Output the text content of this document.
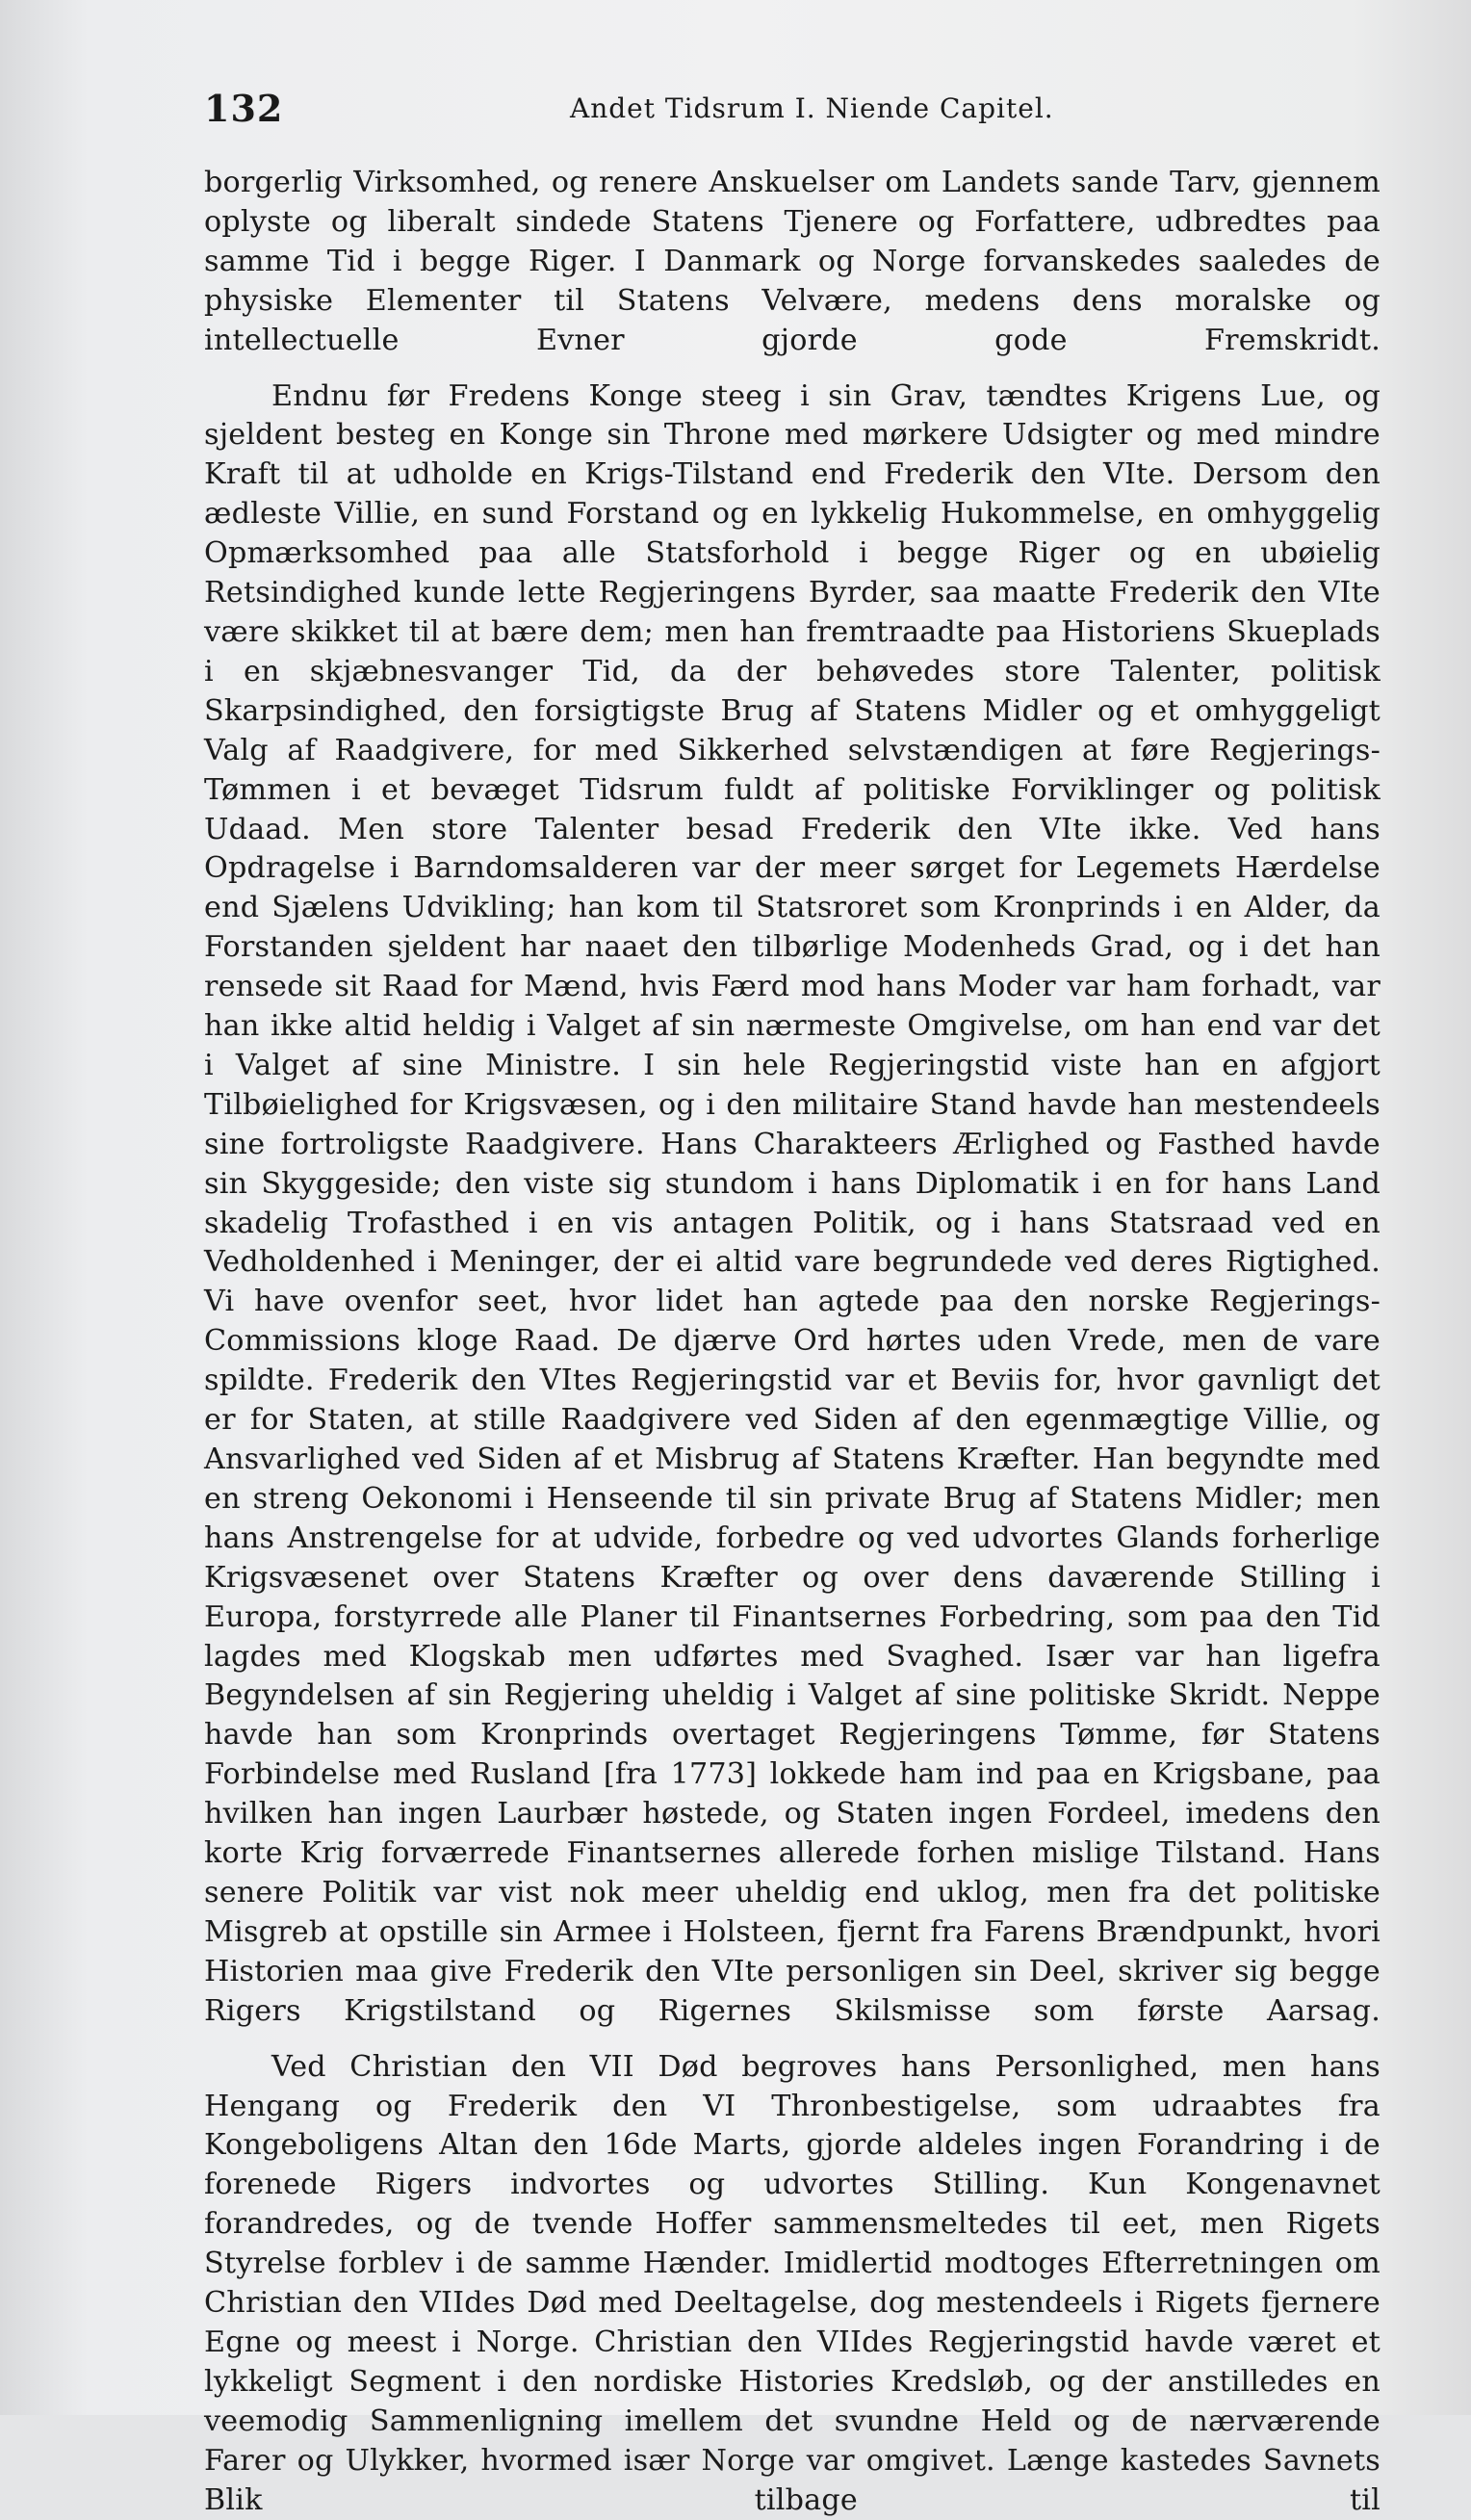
132	Andet Tidsrum I. Niende Capitel.

borgerlig Virksomhed, og renere Anskuelser om Landets sande Tarv, gjennem oplyste og liberalt sindede Statens Tjenere og Forfattere, udbredtes paa samme Tid i begge Riger. I Danmark og Norge forvanskedes saaledes de physiske Elementer til Statens Velvære, medens dens moralske og intellectuelle Evner gjorde gode Fremskridt.

Endnu før Fredens Konge steeg i sin Grav, tændtes Krigens Lue, og sjeldent besteg en Konge sin Throne med mørkere Udsigter og med mindre Kraft til at udholde en Krigs-Tilstand end Frederik den VIte. Dersom den ædleste Villie, en sund Forstand og en lykkelig Hukommelse, en omhyggelig Opmærksomhed paa alle Statsforhold i begge Riger og en ubøielig Retsindighed kunde lette Regjeringens Byrder, saa maatte Frederik den VIte være skikket til at bære dem; men han fremtraadte paa Historiens Skueplads i en skjæbnesvanger Tid, da der behøvedes store Talenter, politisk Skarpsindighed, den forsigtigste Brug af Statens Midler og et omhyggeligt Valg af Raadgivere, for med Sikkerhed selvstændigen at føre Regjerings-Tømmen i et bevæget Tidsrum fuldt af politiske Forviklinger og politisk Udaad. Men store Talenter besad Frederik den VIte ikke. Ved hans Opdragelse i Barndomsalderen var der meer sørget for Legemets Hærdelse end Sjælens Udvikling; han kom til Statsroret som Kronprinds i en Alder, da Forstanden sjeldent har naaet den tilbørlige Modenheds Grad, og i det han rensede sit Raad for Mænd, hvis Færd mod hans Moder var ham forhadt, var han ikke altid heldig i Valget af sin nærmeste Omgivelse, om han end var det i Valget af sine Ministre. I sin hele Regjeringstid viste han en afgjort Tilbøielighed for Krigsvæsen, og i den militaire Stand havde han mestendeels sine fortroligste Raadgivere. Hans Charakteers Ærlighed og Fasthed havde sin Skyggeside; den viste sig stundom i hans Diplomatik i en for hans Land skadelig Trofasthed i en vis antagen Politik, og i hans Statsraad ved en Vedholdenhed i Meninger, der ei altid vare begrundede ved deres Rigtighed. Vi have ovenfor seet, hvor lidet han agtede paa den norske Regjerings-Commissions kloge Raad. De djærve Ord hørtes uden Vrede, men de vare spildte. Frederik den VItes Regjeringstid var et Beviis for, hvor gavnligt det er for Staten, at stille Raadgivere ved Siden af den egenmægtige Villie, og Ansvarlighed ved Siden af et Misbrug af Statens Kræfter. Han begyndte med en streng Oekonomi i Henseende til sin private Brug af Statens Midler; men hans Anstrengelse for at udvide, forbedre og ved udvortes Glands forherlige Krigsvæsenet over Statens Kræfter og over dens daværende Stilling i Europa, forstyrrede alle Planer til Finantsernes Forbedring, som paa den Tid lagdes med Klogskab men udførtes med Svaghed. Især var han ligefra Begyndelsen af sin Regjering uheldig i Valget af sine politiske Skridt. Neppe havde han som Kronprinds overtaget Regjeringens Tømme, før Statens Forbindelse med Rusland [fra 1773] lokkede ham ind paa en Krigsbane, paa hvilken han ingen Laurbær høstede, og Staten ingen Fordeel, imedens den korte Krig forværrede Finantsernes allerede forhen mislige Tilstand. Hans senere Politik var vist nok meer uheldig end uklog, men fra det politiske Misgreb at opstille sin Armee i Holsteen, fjernt fra Farens Brændpunkt, hvori Historien maa give Frederik den VIte personligen sin Deel, skriver sig begge Rigers Krigstilstand og Rigernes Skilsmisse som første Aarsag.

Ved Christian den VII Død begroves hans Personlighed, men hans Hengang og Frederik den VI Thronbestigelse, som udraabtes fra Kongeboligens Altan den 16de Marts, gjorde aldeles ingen Forandring i de forenede Rigers indvortes og udvortes Stilling. Kun Kongenavnet forandredes, og de tvende Hoffer sammensmeltedes til eet, men Rigets Styrelse forblev i de samme Hænder. Imidlertid modtoges Efterretningen om Christian den VIIdes Død med Deeltagelse, dog mestendeels i Rigets fjernere Egne og meest i Norge. Christian den VIIdes Regjeringstid havde været et lykkeligt Segment i den nordiske Histories Kredsløb, og der anstilledes en veemodig Sammenligning imellem det svundne Held og de nærværende Farer og Ulykker, hvormed især Norge var omgivet. Længe kastedes Savnets Blik tilbage til
